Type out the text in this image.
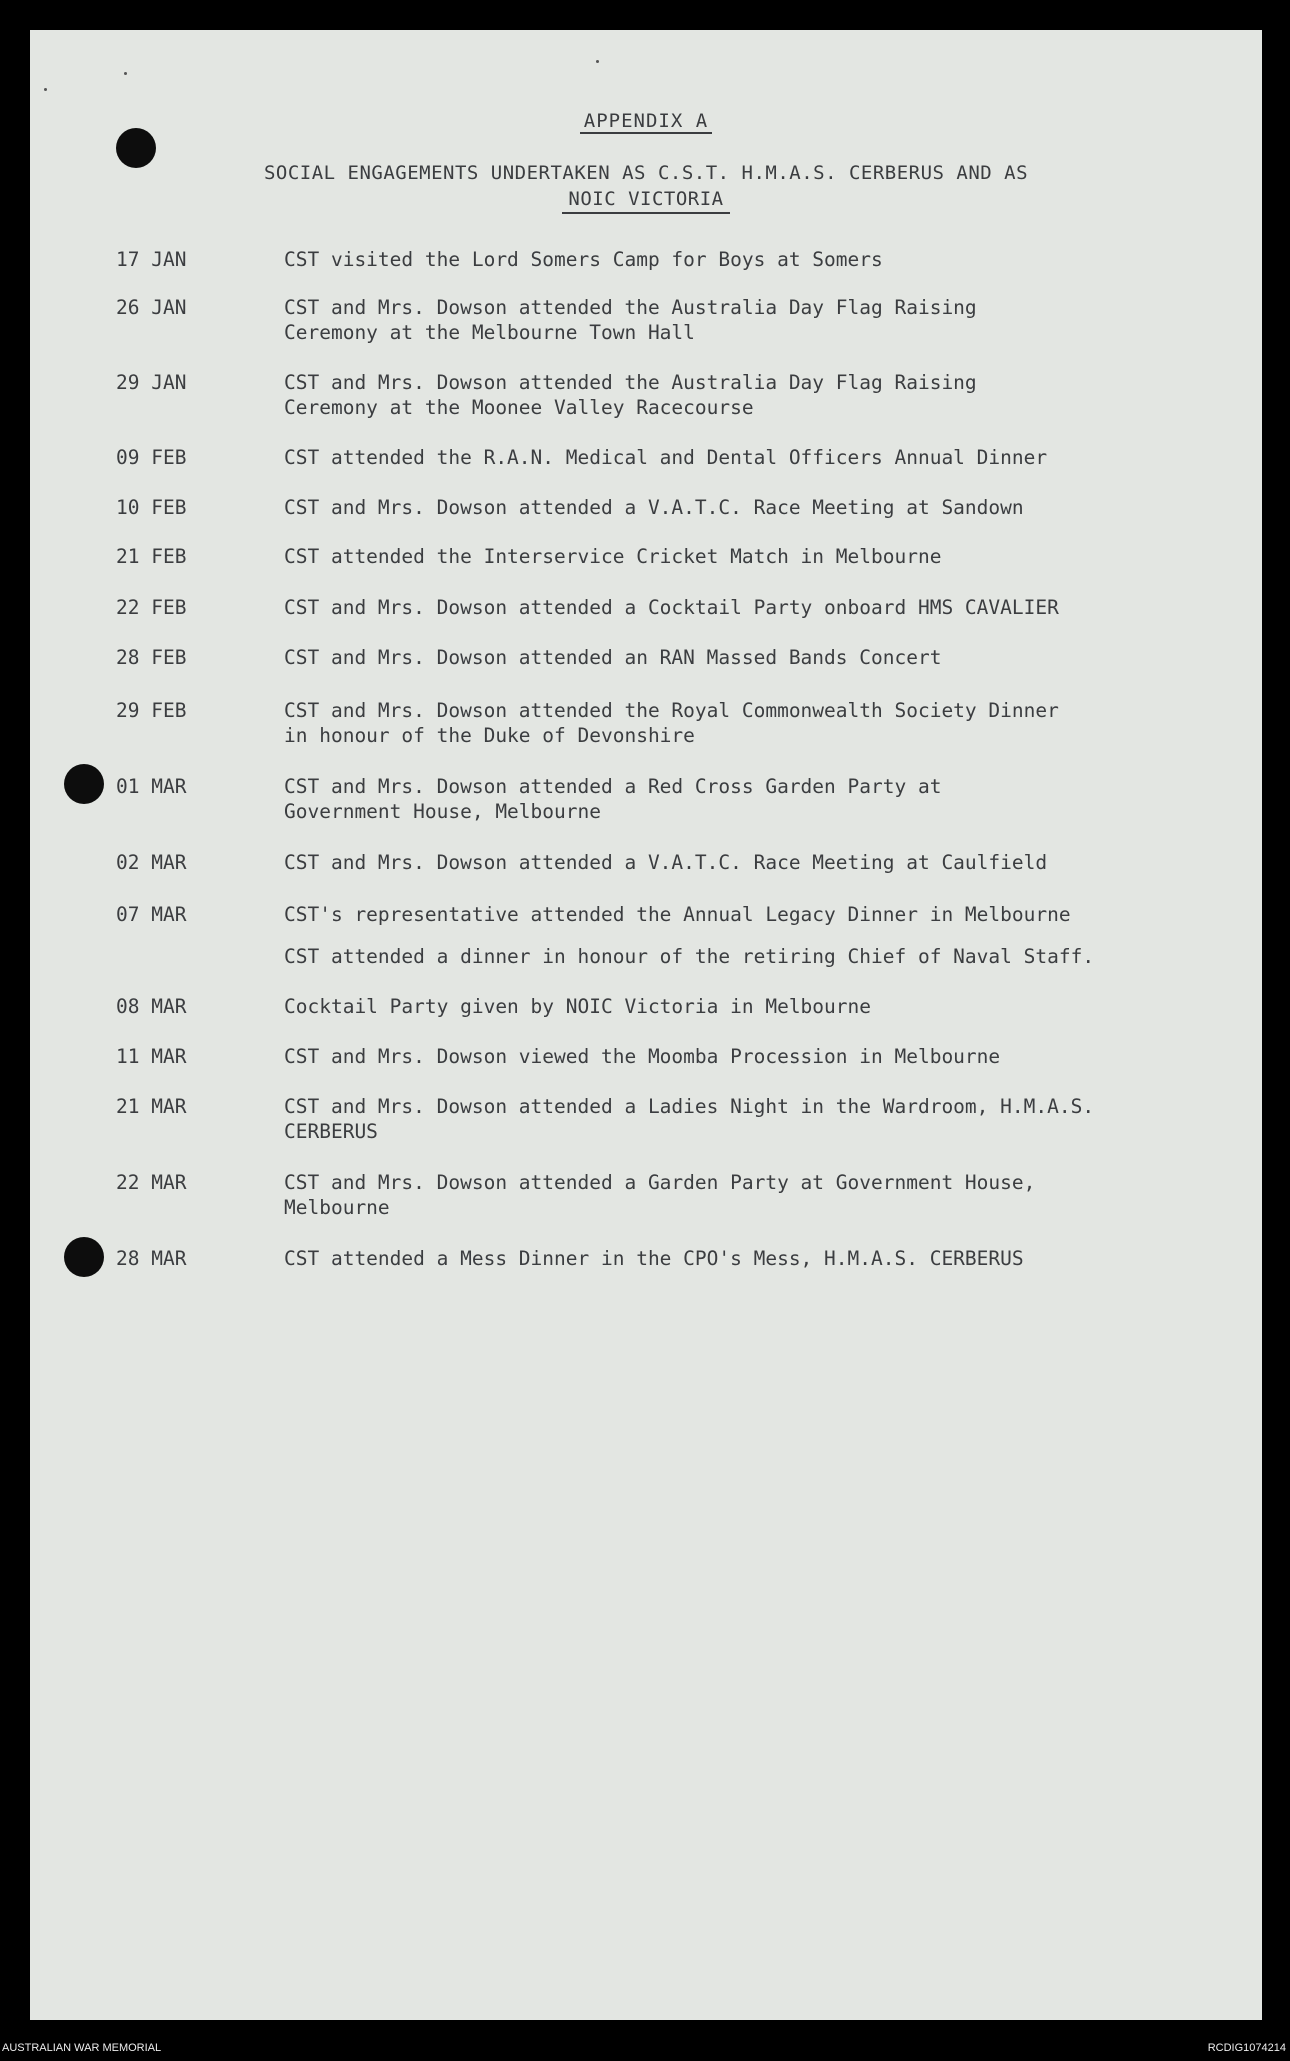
APPENDIX A
SOCIAL ENGAGEMENTS UNDERTAKEN AS C.S.T. H.M.A.S. CERBERUS AND AS
NOIC VICTORIA
17 JAN	CST visited the Lord Somers Camp for Boys at Somers
26 JAN	CST and Mrs. Dowson attended the Australia Day Flag Raising
Ceremony at the Melbourne Town Hall
29 JAN	CST and Mrs. Dowson attended the Australia Day Flag Raising
Ceremony at the Moonee Valley Racecourse
09 FEB	CST attended the R.A.N. Medical and Dental Officers Annual Dinner
10 FEB	CST and Mrs. Dowson attended a V.A.T.C. Race Meeting at Sandown
21 FEB	CST attended the Interservice Cricket Match in Melbourne
22 FEB	CST and Mrs. Dowson attended a Cocktail Party onboard HMS CAVALIER
28 FEB	CST and Mrs. Dowson attended an RAN Massed Bands Concert
29 FEB	CST and Mrs. Dowson attended the Royal Commonwealth Society Dinner
in honour of the Duke of Devonshire
01 MAR	CST and Mrs. Dowson attended a Red Cross Garden Party at
Government House, Melbourne
02 MAR	CST and Mrs. Dowson attended a V.A.T.C. Race Meeting at Caulfield
07 MAR	CST's representative attended the Annual Legacy Dinner in Melbourne
CST attended a dinner in honour of the retiring Chief of Naval Staff.
08 MAR	Cocktail Party given by NOIC Victoria in Melbourne
11 MAR	CST and Mrs. Dowson viewed the Moomba Procession in Melbourne
21 MAR	CST and Mrs. Dowson attended a Ladies Night in the Wardroom, H.M.A.S.
CERBERUS
22 MAR	CST and Mrs. Dowson attended a Garden Party at Government House,
Melbourne
28 MAR	CST attended a Mess Dinner in the CPO's Mess, H.M.A.S. CERBERUS
AUSTRALIAN WAR MEMORIAL	RCDIG1074214
